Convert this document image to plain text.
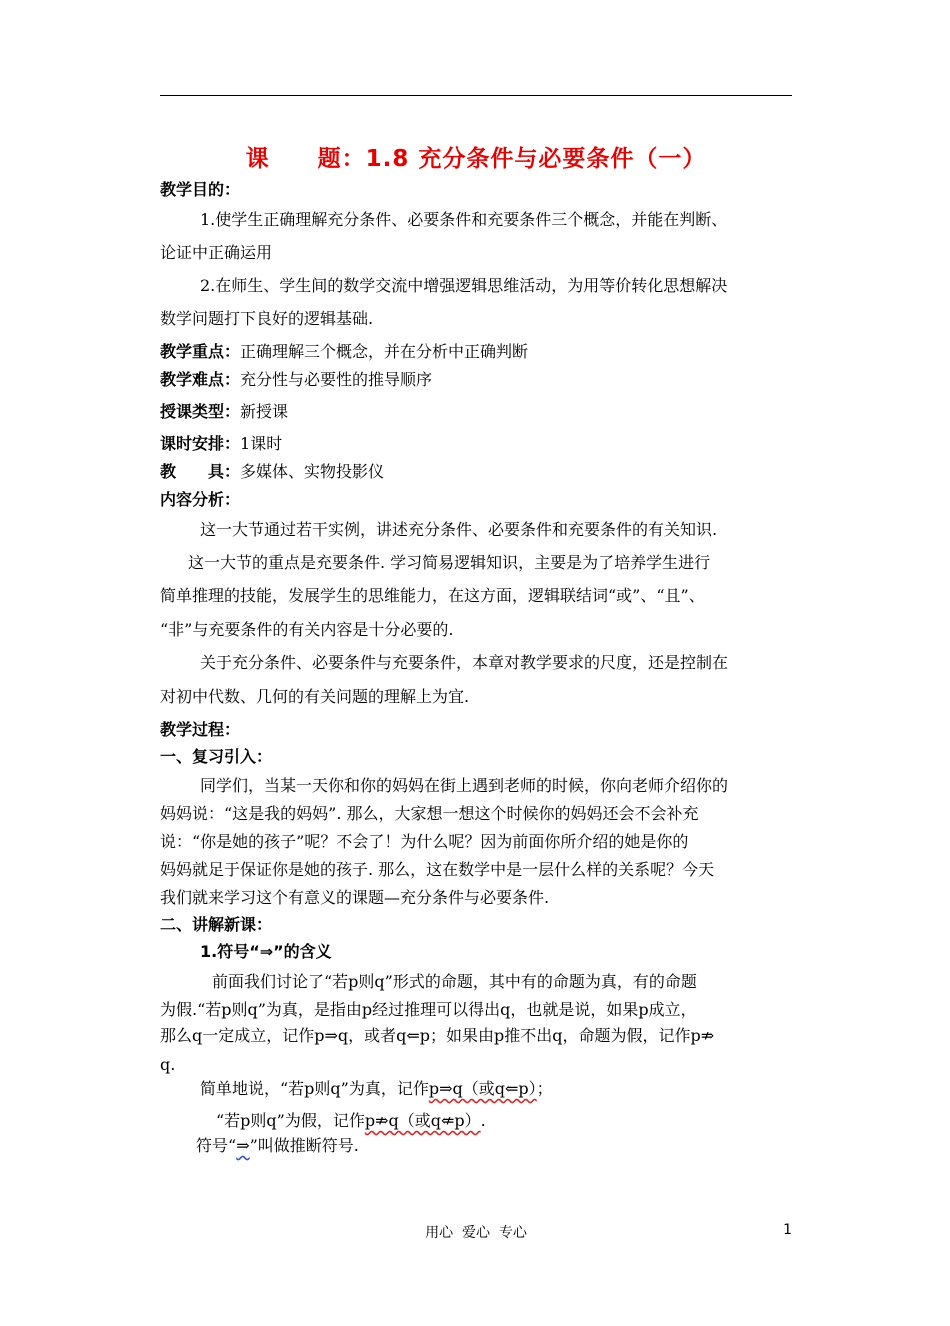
课　　题：1.8 充分条件与必要条件（一）
教学目的：
1.使学生正确理解充分条件、必要条件和充要条件三个概念，并能在判断、
论证中正确运用
2.在师生、学生间的数学交流中增强逻辑思维活动，为用等价转化思想解决
数学问题打下良好的逻辑基础.
教学重点：正确理解三个概念，并在分析中正确判断
教学难点：充分性与必要性的推导顺序
授课类型：新授课
课时安排：1课时
教 具：多媒体、实物投影仪
内容分析：
这一大节通过若干实例，讲述充分条件、必要条件和充要条件的有关知识.
这一大节的重点是充要条件. 学习简易逻辑知识，主要是为了培养学生进行
简单推理的技能，发展学生的思维能力，在这方面，逻辑联结词“或”、“且”、
“非”与充要条件的有关内容是十分必要的.
关于充分条件、必要条件与充要条件，本章对教学要求的尺度，还是控制在
对初中代数、几何的有关问题的理解上为宜.
教学过程：
一、复习引入：
同学们，当某一天你和你的妈妈在街上遇到老师的时候，你向老师介绍你的
妈妈说：“这是我的妈妈”. 那么，大家想一想这个时候你的妈妈还会不会补充
说：“你是她的孩子”呢？不会了！为什么呢？因为前面你所介绍的她是你的
妈妈就足于保证你是她的孩子. 那么，这在数学中是一层什么样的关系呢？今天
我们就来学习这个有意义的课题—充分条件与必要条件.
二、讲解新课：
1.符号“⇒”的含义
前面我们讨论了“若p则q”形式的命题，其中有的命题为真，有的命题
为假.“若p则q”为真，是指由p经过推理可以得出q，也就是说，如果p成立，
那么q一定成立，记作p⇒q，或者q⇐p；如果由p推不出q，命题为假，记作p⇏
q.
简单地说，“若p则q”为真，记作p⇒q（或q⇐p）；
“若p则q”为假，记作p⇏q（或q⇍p）.
符号“⇒”叫做推断符号.
用心  爱心  专心	1
